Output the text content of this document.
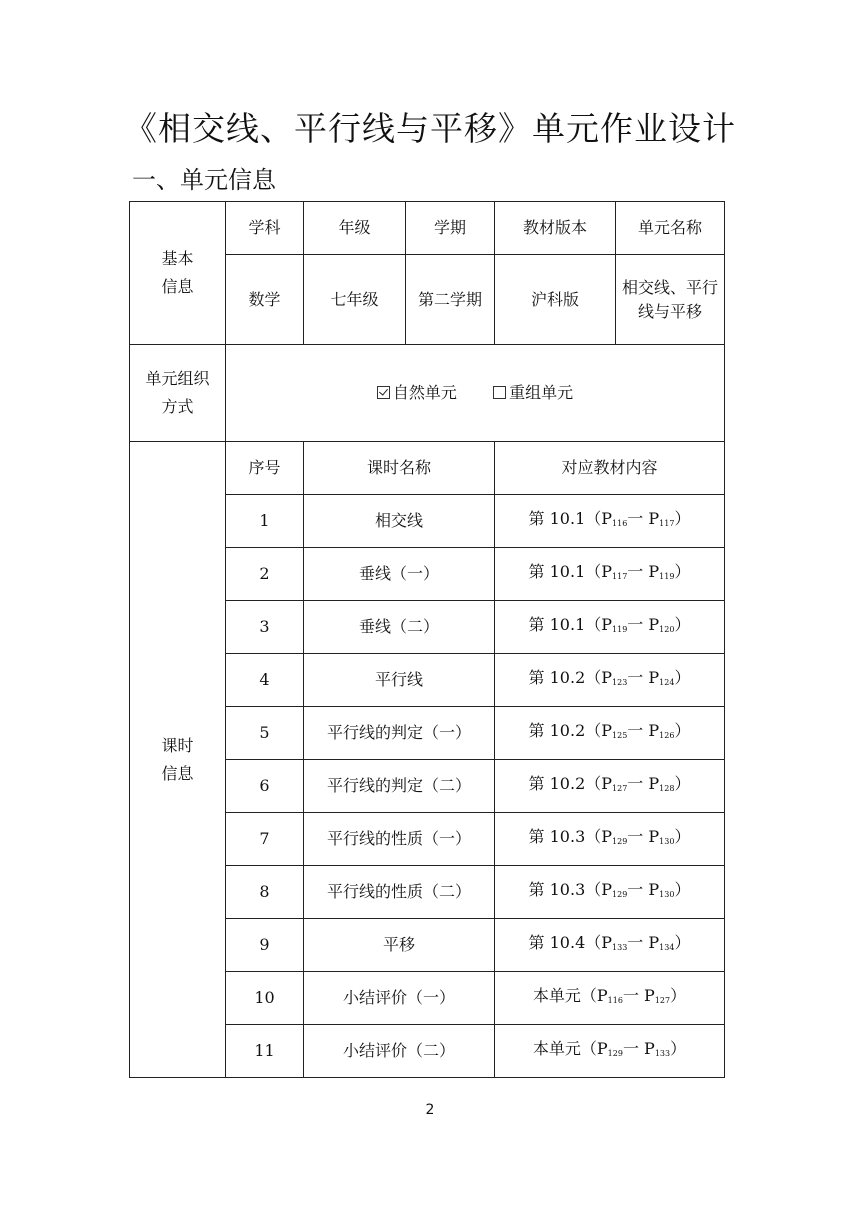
《相交线、平行线与平移》单元作业设计
一、单元信息
基本
信息	学科	年级	学期	教材版本	单元名称
	数学	七年级	第二学期	沪科版	相交线、平行线与平移

单元组织
方式	自然单元 重组单元				

课时
信息	序号	课时名称		对应教材内容	
	1	相交线		第 $10.1(P_{116}$一 $P_{117}$）	
	2	垂线（一）		第 $10.1(P_{117}$一 $P_{119}$）	
	3	垂线（二）		第 $10.1(P_{119}$一 $P_{120}$）	
	4	平行线		第 $10.2(P_{123}$一 $P_{124}$）	
	5	平行线的判定（一）		第 $10.2(P_{125}$一 $P_{126}$）	
	6	平行线的判定（二）		第 $10.2(P_{127}$一 $P_{128}$）	
	7	平行线的性质（一）		第 $10.3(P_{129}$一 $P_{130}$）	
	8	平行线的性质（二）		第 $10.3(P_{129}$一 $P_{130}$）	
	9	平移		第 $10.4(P_{133}$一 $P_{134}$）	
	10	小结评价（一）		本单元（$P_{116}$一 $P_{127}$）	
	11	小结评价（二）		本单元（$P_{129}$一 $P_{133}$）	
2
